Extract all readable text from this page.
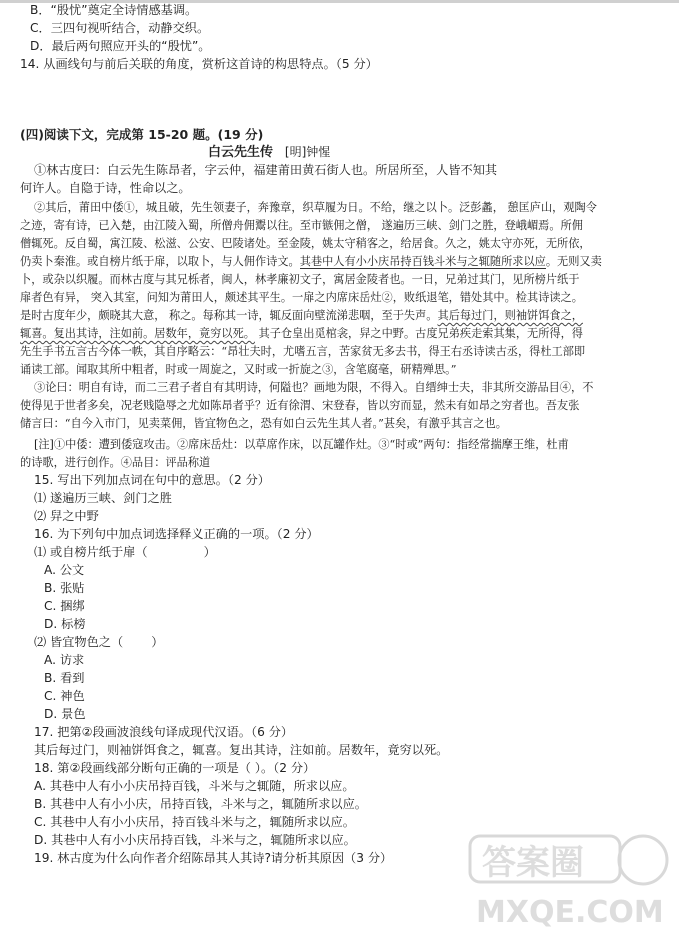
B．“殷忧”奠定全诗情感基调。
C．三四句视听结合，动静交织。
D．最后两句照应开头的“殷忧”。
14. 从画线句与前后关联的角度，赏析这首诗的构思特点。（5 分）
(四)阅读下文，完成第 15-20 题。(19 分)
白云先生传 [明]钟惺
①林古度曰：白云先生陈昂者，字云仲，福建莆田黄石街人也。所居所至，人皆不知其
何许人。自隐于诗，性命以之。
②其后，莆田中倭①，城且破，先生领妻子，奔豫章，织草履为日。不给，继之以卜。泛彭蠡， 憩匡庐山，观陶令
之迹，寄有诗，已入楚，由江陵入蜀，所僧舟佣鬻以往。至市镞佣之僧， 遂遍历三峡、剑门之胜，登峨嵋焉。所佣
僧辄死。反自蜀，寓江陵、松滋、公安、巴陵诸处。至金陵，姚太守稍客之，给居食。久之，姚太守亦死，无所依，
仍卖卜秦淮。或自榜片纸于扉，以取卜，与人佣作诗文。其巷中人有小小庆吊持百钱斗米与之辄随所求以应。无则又卖
卜，或杂以织履。而林古度与其兄栎者，闽人，林孝廉初文子，寓居金陵者也。一日，兄弟过其门，见所榜片纸于
扉者色有异， 突入其室，问知为莆田人，颇述其平生。一扉之内席床岳灶②，败纸退笔，错处其中。检其诗读之。
是时古度年少，颇晓其大意， 称之。每称其一诗，辄反面向壁流涕悲咽，至于失声。其后每过门，则袖饼饵食之，
辄喜。复出其诗，注如前。居数年，竟穷以死。 其子仓皇出觅棺衾，舁之中野。古度兄弟疾走索其集，无所得，得
先生手书五言古今体一帙，其自序略云：“昂壮夫时，尤嗜五言，苦家贫无多去书，得王右丞诗读古丞，得杜工部即
诵读工部。闻取其所中粗者，时或一周旋之，又时或一折旋之③，含笔腐毫，研精殚思。”
③论曰：明自有诗，而二三君子者自有其明诗，何隘也？画地为限，不得入。自缙绅士夫，非其所交游品目④，不
使得见于世者多矣，况老贱隐辱之尤如陈昂者乎？近有徐渭、宋登春，皆以穷而显，然未有如昂之穷者也。吾友张
储言曰：“自今入市门，见卖菜佣，皆宜物色之，恐有如白云先生其人者。”甚矣，有激乎其言之也。
[注]①中倭：遭到倭寇攻击。②席床岳灶：以草席作床，以瓦罐作灶。③“时或”两句：指经常揣摩王维，杜甫
的诗歌，进行创作。④品目：评品称道
15. 写出下列加点词在句中的意思。（2 分）
⑴ 遂遍历三峡、剑门之胜
⑵ 舁之中野
16. 为下列句中加点词选择释义正确的一项。（2 分）
⑴ 或自榜片纸于扉（	）
A. 公文
B. 张贴
C. 捆绑
D. 标榜
⑵ 皆宜物色之（ ）
A. 访求
B. 看到
C. 神色
D. 景色
17. 把第②段画波浪线句译成现代汉语。（6 分）
其后每过门，则袖饼饵食之，辄喜。复出其诗，注如前。居数年，竟穷以死。
18. 第②段画线部分断句正确的一项是（ ）。（2 分）
A. 其巷中人有小小庆吊持百钱，斗米与之辄随，所求以应。
B. 其巷中人有小小庆，吊持百钱，斗米与之，辄随所求以应。
C. 其巷中人有小小庆吊，持百钱斗米与之，辄随所求以应。
D. 其巷中人有小小庆吊持百钱，斗米与之，辄随所求以应。
19. 林古度为什么向作者介绍陈昂其人其诗?请分析其原因（3 分）	答案圈
MXQE.COM
